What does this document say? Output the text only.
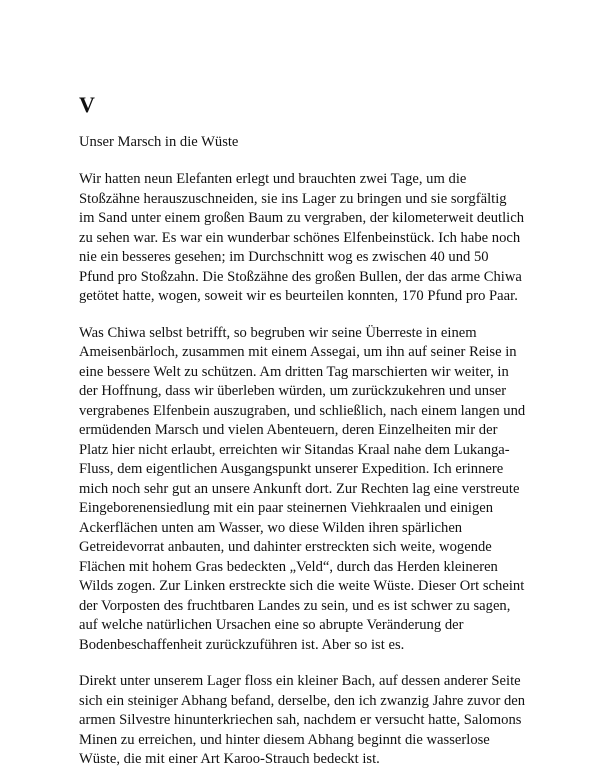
V
Unser Marsch in die Wüste
Wir hatten neun Elefanten erlegt und brauchten zwei Tage, um die
Stoßzähne herauszuschneiden, sie ins Lager zu bringen und sie sorgfältig
im Sand unter einem großen Baum zu vergraben, der kilometerweit deutlich
zu sehen war. Es war ein wunderbar schönes Elfenbeinstück. Ich habe noch
nie ein besseres gesehen; im Durchschnitt wog es zwischen 40 und 50
Pfund pro Stoßzahn. Die Stoßzähne des großen Bullen, der das arme Chiwa
getötet hatte, wogen, soweit wir es beurteilen konnten, 170 Pfund pro Paar.
Was Chiwa selbst betrifft, so begruben wir seine Überreste in einem
Ameisenbärloch, zusammen mit einem Assegai, um ihn auf seiner Reise in
eine bessere Welt zu schützen. Am dritten Tag marschierten wir weiter, in
der Hoffnung, dass wir überleben würden, um zurückzukehren und unser
vergrabenes Elfenbein auszugraben, und schließlich, nach einem langen und
ermüdenden Marsch und vielen Abenteuern, deren Einzelheiten mir der
Platz hier nicht erlaubt, erreichten wir Sitandas Kraal nahe dem Lukanga-
Fluss, dem eigentlichen Ausgangspunkt unserer Expedition. Ich erinnere
mich noch sehr gut an unsere Ankunft dort. Zur Rechten lag eine verstreute
Eingeborenensiedlung mit ein paar steinernen Viehkraalen und einigen
Ackerflächen unten am Wasser, wo diese Wilden ihren spärlichen
Getreidevorrat anbauten, und dahinter erstreckten sich weite, wogende
Flächen mit hohem Gras bedeckten „Veld“, durch das Herden kleineren
Wilds zogen. Zur Linken erstreckte sich die weite Wüste. Dieser Ort scheint
der Vorposten des fruchtbaren Landes zu sein, und es ist schwer zu sagen,
auf welche natürlichen Ursachen eine so abrupte Veränderung der
Bodenbeschaffenheit zurückzuführen ist. Aber so ist es.
Direkt unter unserem Lager floss ein kleiner Bach, auf dessen anderer Seite
sich ein steiniger Abhang befand, derselbe, den ich zwanzig Jahre zuvor den
armen Silvestre hinunterkriechen sah, nachdem er versucht hatte, Salomons
Minen zu erreichen, und hinter diesem Abhang beginnt die wasserlose
Wüste, die mit einer Art Karoo-Strauch bedeckt ist.
